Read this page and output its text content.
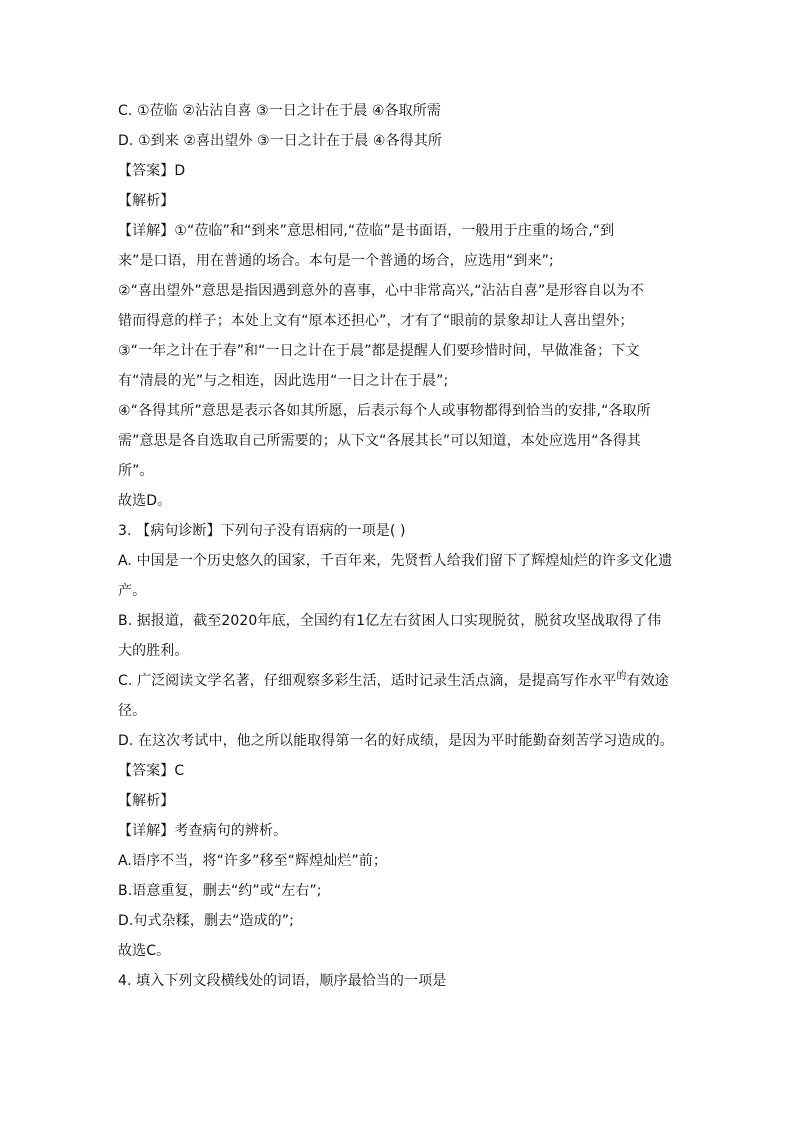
C. ①莅临 ②沾沾自喜 ③一日之计在于晨 ④各取所需
D. ①到来 ②喜出望外 ③一日之计在于晨 ④各得其所
【答案】D
【解析】
【详解】①“莅临”和“到来”意思相同,“莅临”是书面语，一般用于庄重的场合,“到
来”是口语，用在普通的场合。本句是一个普通的场合，应选用“到来”;
②“喜出望外”意思是指因遇到意外的喜事，心中非常高兴,“沾沾自喜”是形容自以为不
错而得意的样子；本处上文有“原本还担心”，才有了“眼前的景象却让人喜出望外；
③“一年之计在于春”和“一日之计在于晨”都是提醒人们要珍惜时间，早做准备；下文
有“清晨的光”与之相连，因此选用“一日之计在于晨”;
④“各得其所”意思是表示各如其所愿，后表示每个人或事物都得到恰当的安排,“各取所
需”意思是各自选取自己所需要的；从下文“各展其长”可以知道，本处应选用“各得其
所”。
故选D。
3. 【病句诊断】下列句子没有语病的一项是( )
A. 中国是一个历史悠久的国家，千百年来，先贤哲人给我们留下了辉煌灿烂的许多文化遗
产。
B. 据报道，截至2020年底，全国约有1亿左右贫困人口实现脱贫，脱贫攻坚战取得了伟
大的胜利。
C. 广泛阅读文学名著，仔细观察多彩生活，适时记录生活点滴，是提高写作水平$^的$有效途
径。
D. 在这次考试中，他之所以能取得第一名的好成绩，是因为平时能勤奋刻苦学习造成的。
【答案】C
【解析】
【详解】考查病句的辨析。
A.语序不当，将“许多”移至“辉煌灿烂”前；
B.语意重复，删去“约”或“左右”;
D.句式杂糅，删去“造成的”;
故选C。
4. 填入下列文段横线处的词语，顺序最恰当的一项是
